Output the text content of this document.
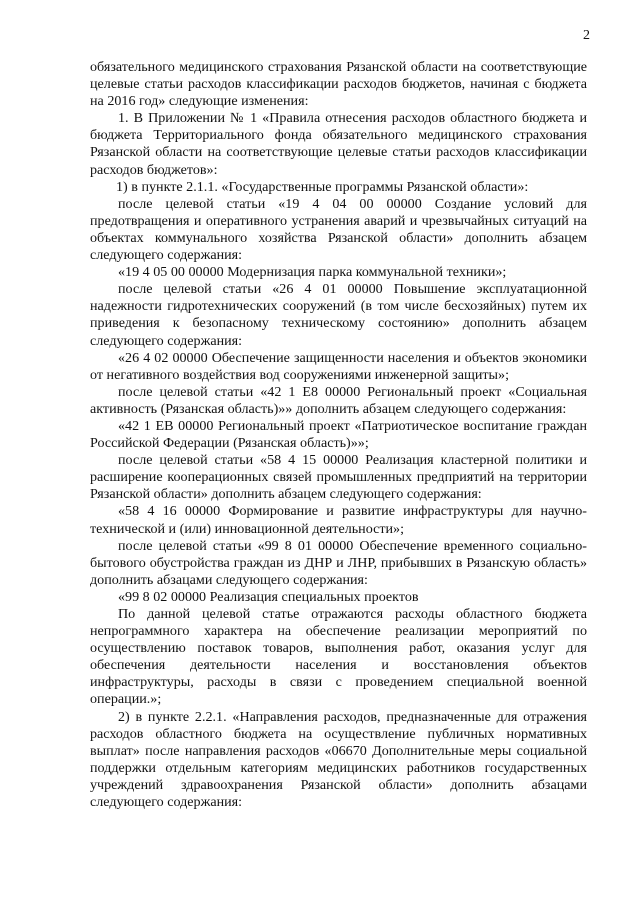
2

обязательного медицинского страхования Рязанской области на соответствующие целевые статьи расходов классификации расходов бюджетов, начиная с бюджета на 2016 год» следующие изменения:

1. В Приложении № 1 «Правила отнесения расходов областного бюджета и бюджета Территориального фонда обязательного медицинского страхования Рязанской области на соответствующие целевые статьи расходов классификации расходов бюджетов»:

1) в пункте 2.1.1. «Государственные программы Рязанской области»:

после целевой статьи «19 4 04 00 00000 Создание условий для предотвращения и оперативного устранения аварий и чрезвычайных ситуаций на объектах коммунального хозяйства Рязанской области» дополнить абзацем следующего содержания:

«19 4 05 00 00000 Модернизация парка коммунальной техники»;

после целевой статьи «26 4 01 00000 Повышение эксплуатационной надежности гидротехнических сооружений (в том числе бесхозяйных) путем их приведения к безопасному техническому состоянию» дополнить абзацем следующего содержания:

«26 4 02 00000 Обеспечение защищенности населения и объектов экономики от негативного воздействия вод сооружениями инженерной защиты»;

после целевой статьи «42 1 Е8 00000 Региональный проект «Социальная активность (Рязанская область)»» дополнить абзацем следующего содержания:

«42 1 ЕВ 00000 Региональный проект «Патриотическое воспитание граждан Российской Федерации (Рязанская область)»»;

после целевой статьи «58 4 15 00000 Реализация кластерной политики и расширение кооперационных связей промышленных предприятий на территории Рязанской области» дополнить абзацем следующего содержания:

«58 4 16 00000 Формирование и развитие инфраструктуры для научно-технической и (или) инновационной деятельности»;

после целевой статьи «99 8 01 00000 Обеспечение временного социально-бытового обустройства граждан из ДНР и ЛНР, прибывших в Рязанскую область» дополнить абзацами следующего содержания:

«99 8 02 00000 Реализация специальных проектов

По данной целевой статье отражаются расходы областного бюджета непрограммного характера на обеспечение реализации мероприятий по осуществлению поставок товаров, выполнения работ, оказания услуг для обеспечения деятельности населения и восстановления объектов инфраструктуры, расходы в связи с проведением специальной военной операции.»;

2) в пункте 2.2.1. «Направления расходов, предназначенные для отражения расходов областного бюджета на осуществление публичных нормативных выплат» после направления расходов «06670 Дополнительные меры социальной поддержки отдельным категориям медицинских работников государственных учреждений здравоохранения Рязанской области» дополнить абзацами следующего содержания:
